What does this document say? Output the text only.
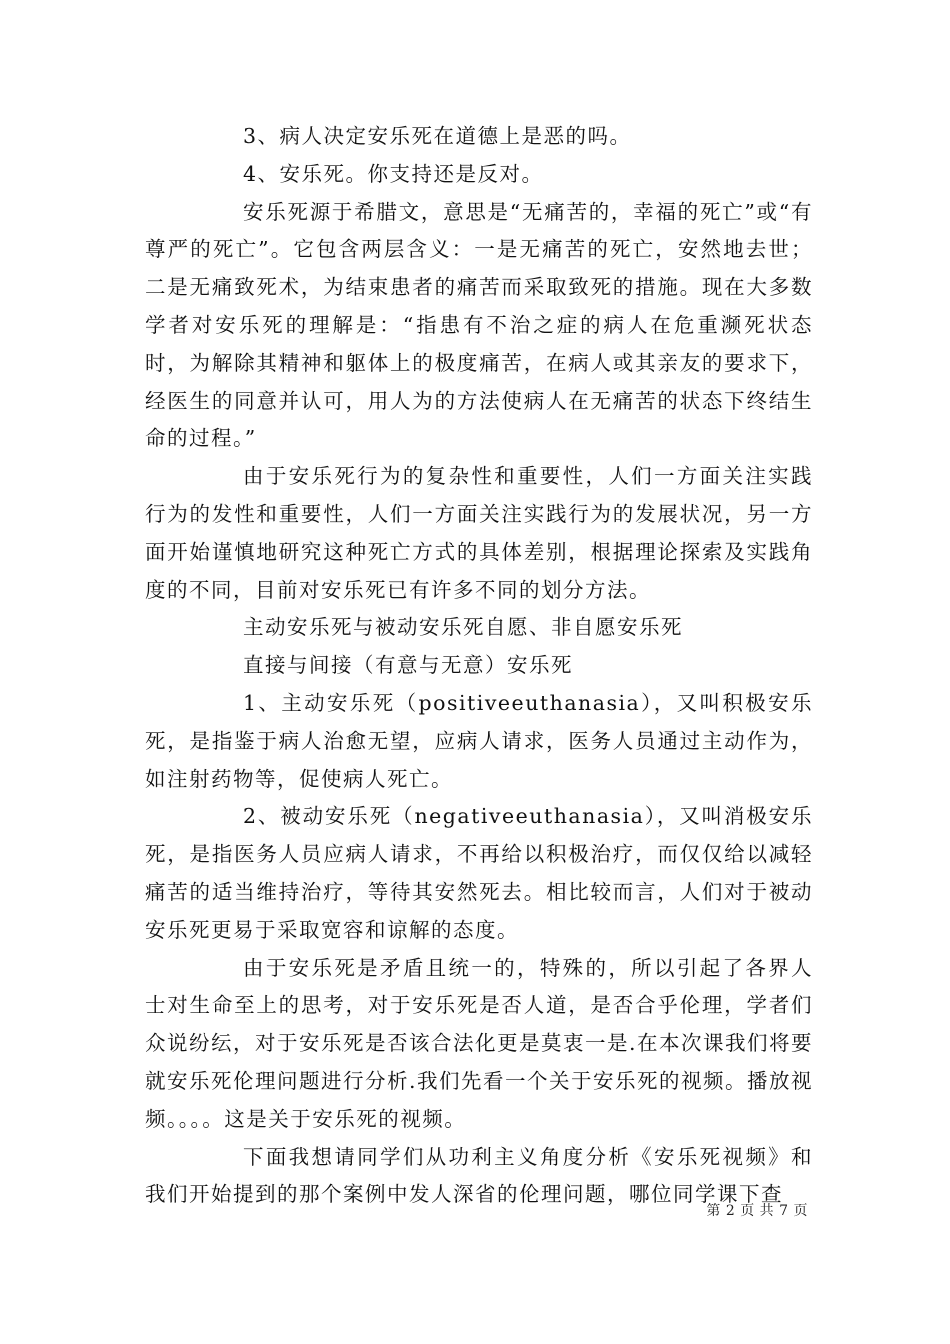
3、病人决定安乐死在道德上是恶的吗。

4、安乐死。你支持还是反对。

安乐死源于希腊文，意思是“无痛苦的，幸福的死亡”或“有尊严的死亡”。它包含两层含义：一是无痛苦的死亡，安然地去世；二是无痛致死术，为结束患者的痛苦而采取致死的措施。现在大多数学者对安乐死的理解是：“指患有不治之症的病人在危重濒死状态时，为解除其精神和躯体上的极度痛苦，在病人或其亲友的要求下，经医生的同意并认可，用人为的方法使病人在无痛苦的状态下终结生命的过程。”

由于安乐死行为的复杂性和重要性，人们一方面关注实践行为的发性和重要性，人们一方面关注实践行为的发展状况，另一方面开始谨慎地研究这种死亡方式的具体差别，根据理论探索及实践角度的不同，目前对安乐死已有许多不同的划分方法。

主动安乐死与被动安乐死自愿、非自愿安乐死

直接与间接（有意与无意）安乐死

1、主动安乐死（positiveeuthanasia），又叫积极安乐死，是指鉴于病人治愈无望，应病人请求，医务人员通过主动作为，如注射药物等，促使病人死亡。

2、被动安乐死（negativeeuthanasia），又叫消极安乐死，是指医务人员应病人请求，不再给以积极治疗，而仅仅给以减轻痛苦的适当维持治疗，等待其安然死去。相比较而言，人们对于被动安乐死更易于采取宽容和谅解的态度。

由于安乐死是矛盾且统一的，特殊的，所以引起了各界人士对生命至上的思考，对于安乐死是否人道，是否合乎伦理，学者们众说纷纭，对于安乐死是否该合法化更是莫衷一是.在本次课我们将要就安乐死伦理问题进行分析.我们先看一个关于安乐死的视频。播放视频。。。。这是关于安乐死的视频。

下面我想请同学们从功利主义角度分析《安乐死视频》和我们开始提到的那个案例中发人深省的伦理问题，哪位同学课下查

第 2 页 共 7 页
